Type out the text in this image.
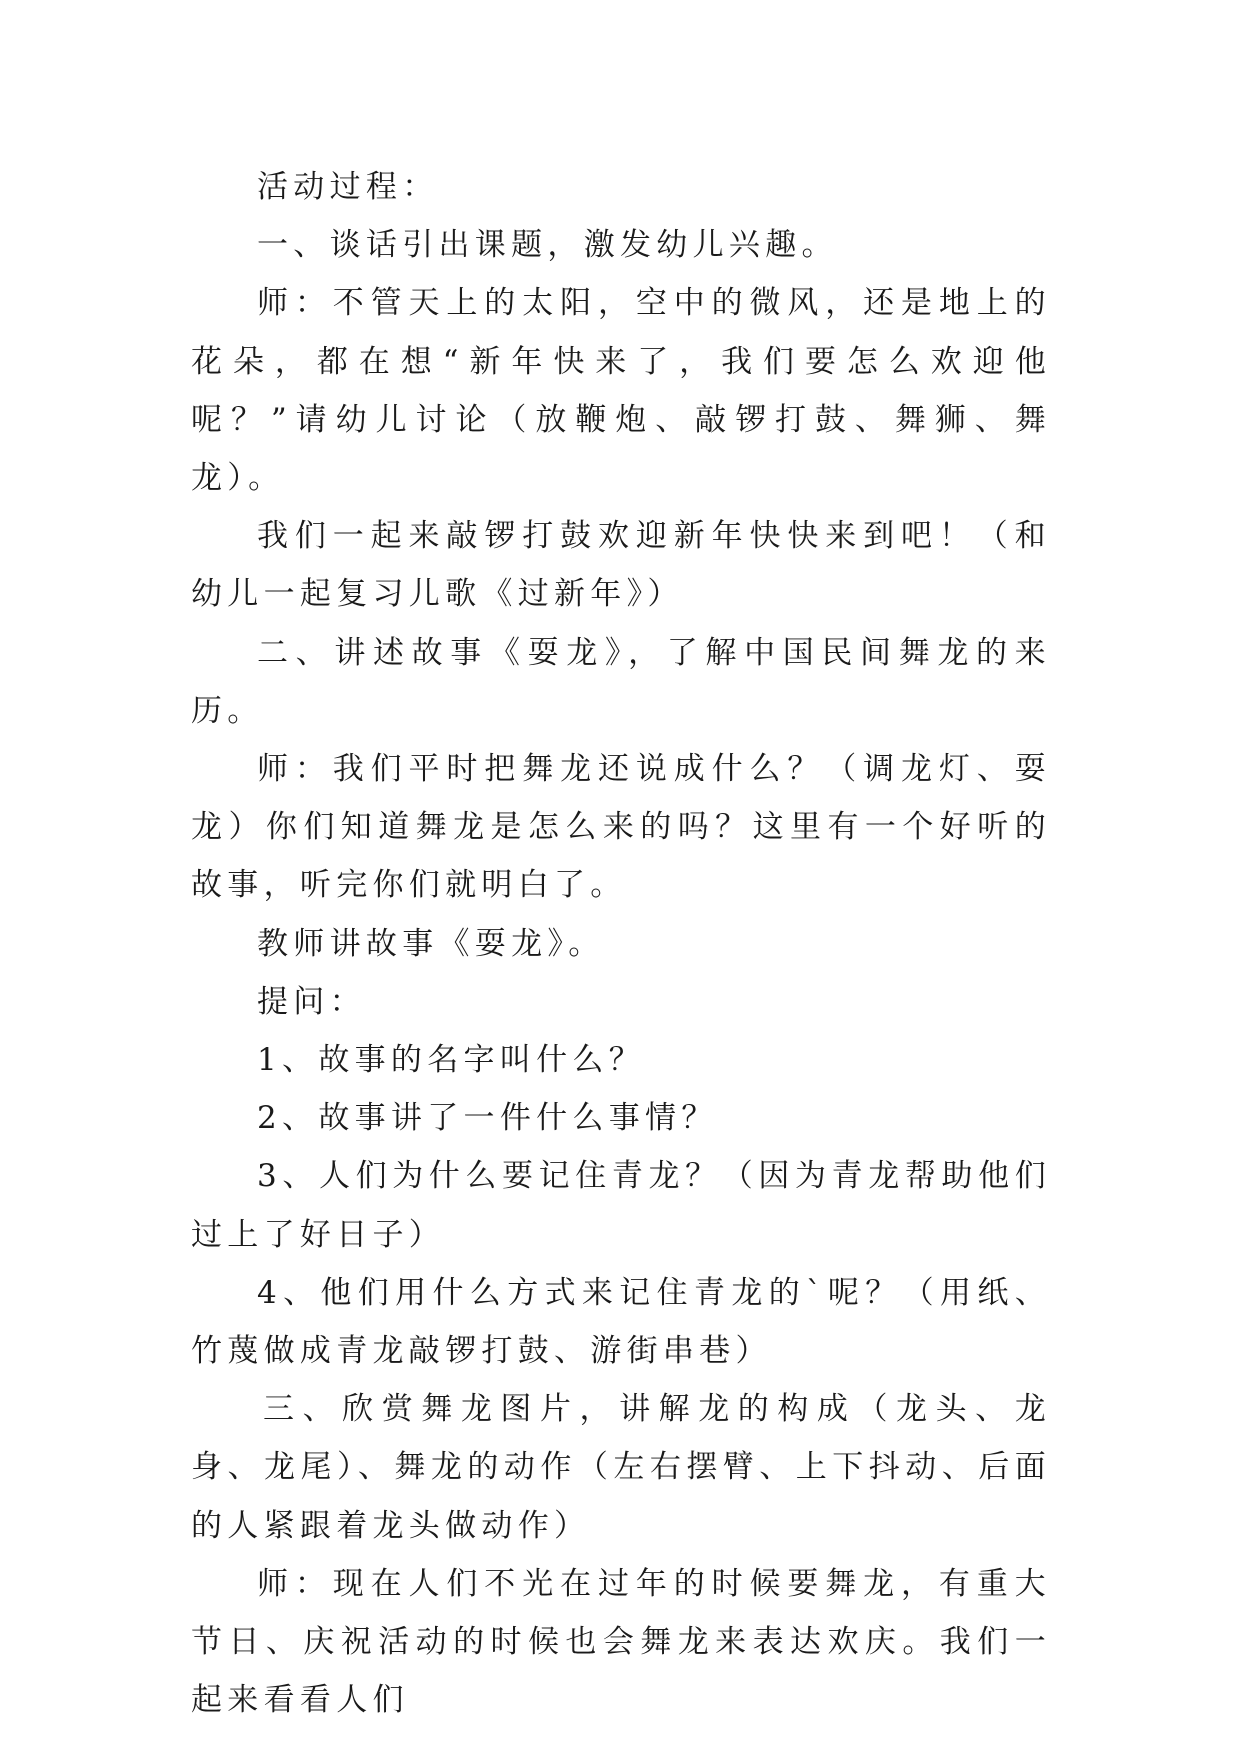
活动过程：

一、谈话引出课题，激发幼儿兴趣。

师：不管天上的太阳，空中的微风，还是地上的花朵，都在想“新年快来了，我们要怎么欢迎他呢？”请幼儿讨论（放鞭炮、敲锣打鼓、舞狮、舞龙）。

我们一起来敲锣打鼓欢迎新年快快来到吧！（和幼儿一起复习儿歌《过新年》）

二、讲述故事《耍龙》，了解中国民间舞龙的来历。

师：我们平时把舞龙还说成什么？（调龙灯、耍龙）你们知道舞龙是怎么来的吗？这里有一个好听的故事，听完你们就明白了。

教师讲故事《耍龙》。

提问：

1、故事的名字叫什么？

2、故事讲了一件什么事情？

3、人们为什么要记住青龙？（因为青龙帮助他们过上了好日子）

4、他们用什么方式来记住青龙的`呢？（用纸、竹蔑做成青龙敲锣打鼓、游街串巷）

三、欣赏舞龙图片，讲解龙的构成（龙头、龙身、龙尾）、舞龙的动作（左右摆臂、上下抖动、后面的人紧跟着龙头做动作）

师：现在人们不光在过年的时候要舞龙，有重大节日、庆祝活动的时候也会舞龙来表达欢庆。我们一起来看看人们
